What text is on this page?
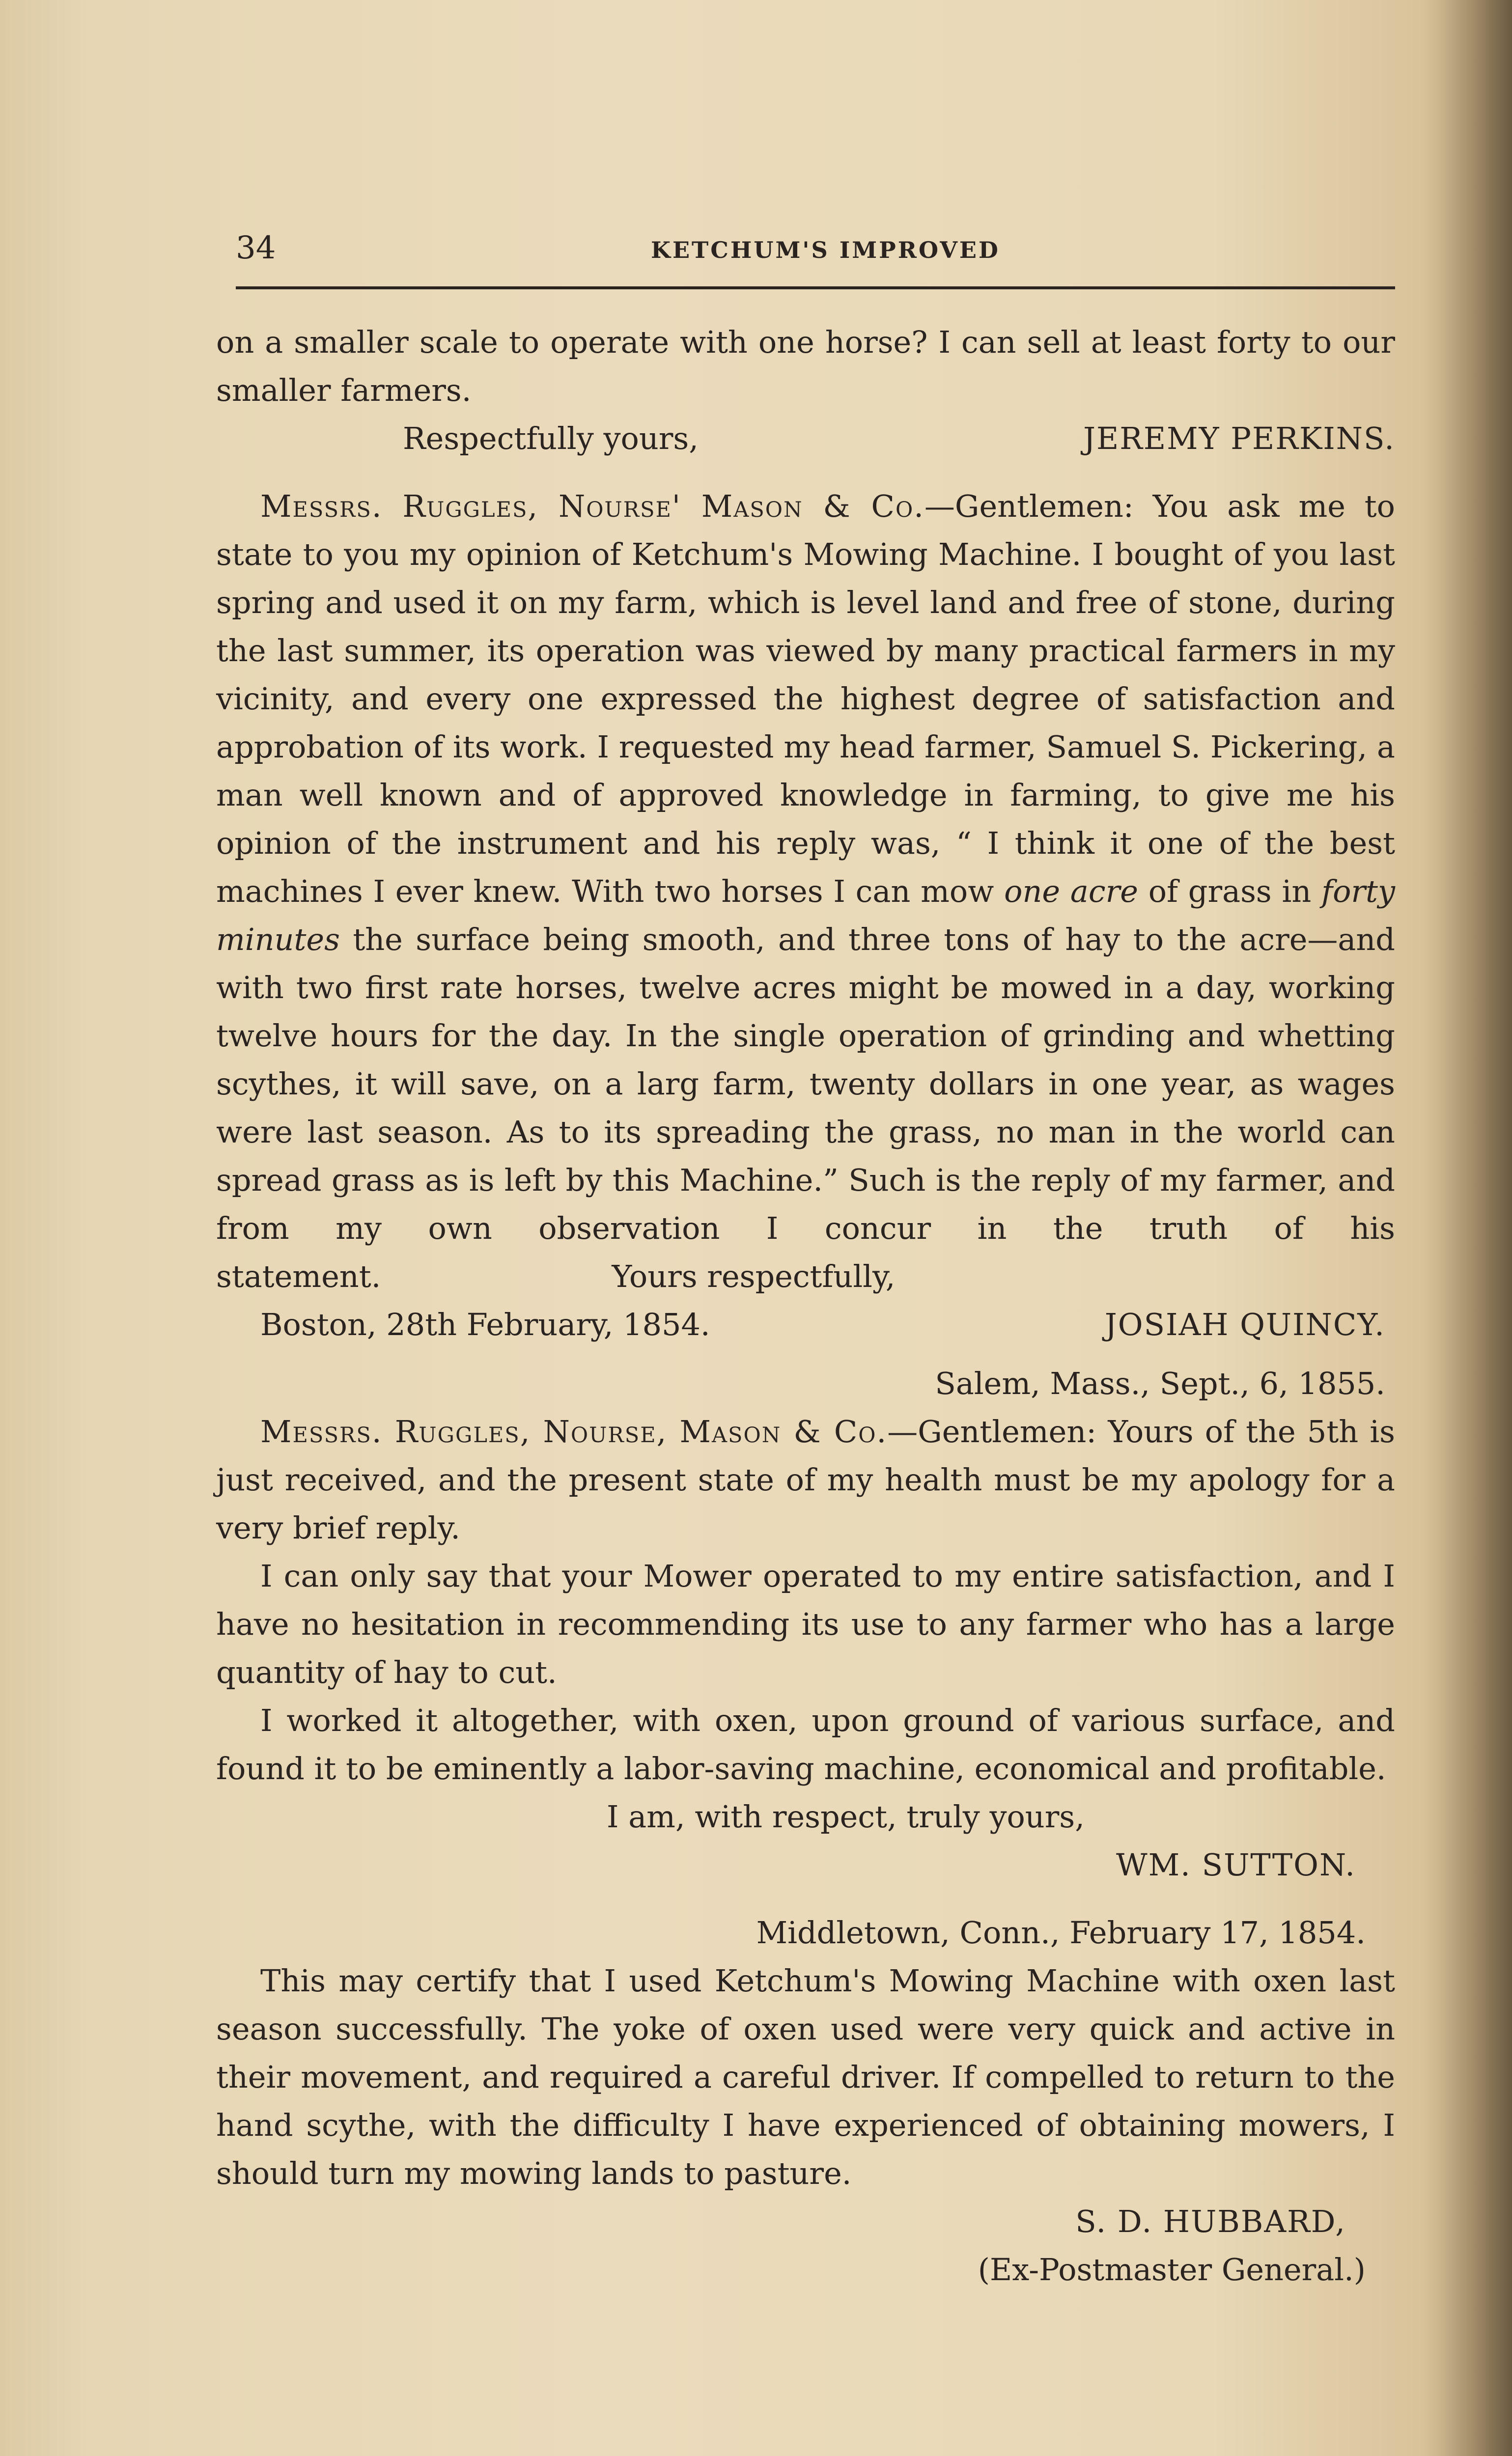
34	KETCHUM'S IMPROVED

on a smaller scale to operate with one horse? I can sell at least forty to our smaller farmers.

Respectfully yours,	JEREMY PERKINS.

Messrs. Ruggles, Nourse' Mason & Co.—Gentlemen: You ask me to state to you my opinion of Ketchum's Mowing Machine. I bought of you last spring and used it on my farm, which is level land and free of stone, during the last summer, its operation was viewed by many practical farmers in my vicinity, and every one expressed the highest degree of satisfaction and approbation of its work. I requested my head farmer, Samuel S. Pickering, a man well known and of approved knowledge in farming, to give me his opinion of the instrument and his reply was, “ I think it one of the best machines I ever knew. With two horses I can mow one acre of grass in forty minutes the surface being smooth, and three tons of hay to the acre—and with two first rate horses, twelve acres might be mowed in a day, working twelve hours for the day. In the single operation of grinding and whetting scythes, it will save, on a larg farm, twenty dollars in one year, as wages were last season. As to its spreading the grass, no man in the world can spread grass as is left by this Machine.” Such is the reply of my farmer, and from my own observation I concur in the truth of his statement.	Yours respectfully,

Boston, 28th February, 1854.	JOSIAH QUINCY.

Salem, Mass., Sept., 6, 1855.

Messrs. Ruggles, Nourse, Mason & Co.—Gentlemen: Yours of the 5th is just received, and the present state of my health must be my apology for a very brief reply.

I can only say that your Mower operated to my entire satisfaction, and I have no hesitation in recommending its use to any farmer who has a large quantity of hay to cut.

I worked it altogether, with oxen, upon ground of various surface, and found it to be eminently a labor-saving machine, economical and profitable.

I am, with respect, truly yours,

WM. SUTTON.

Middletown, Conn., February 17, 1854.

This may certify that I used Ketchum's Mowing Machine with oxen last season successfully. The yoke of oxen used were very quick and active in their movement, and required a careful driver. If compelled to return to the hand scythe, with the difficulty I have experienced of obtaining mowers, I should turn my mowing lands to pasture.

S. D. HUBBARD,

(Ex-Postmaster General.)
